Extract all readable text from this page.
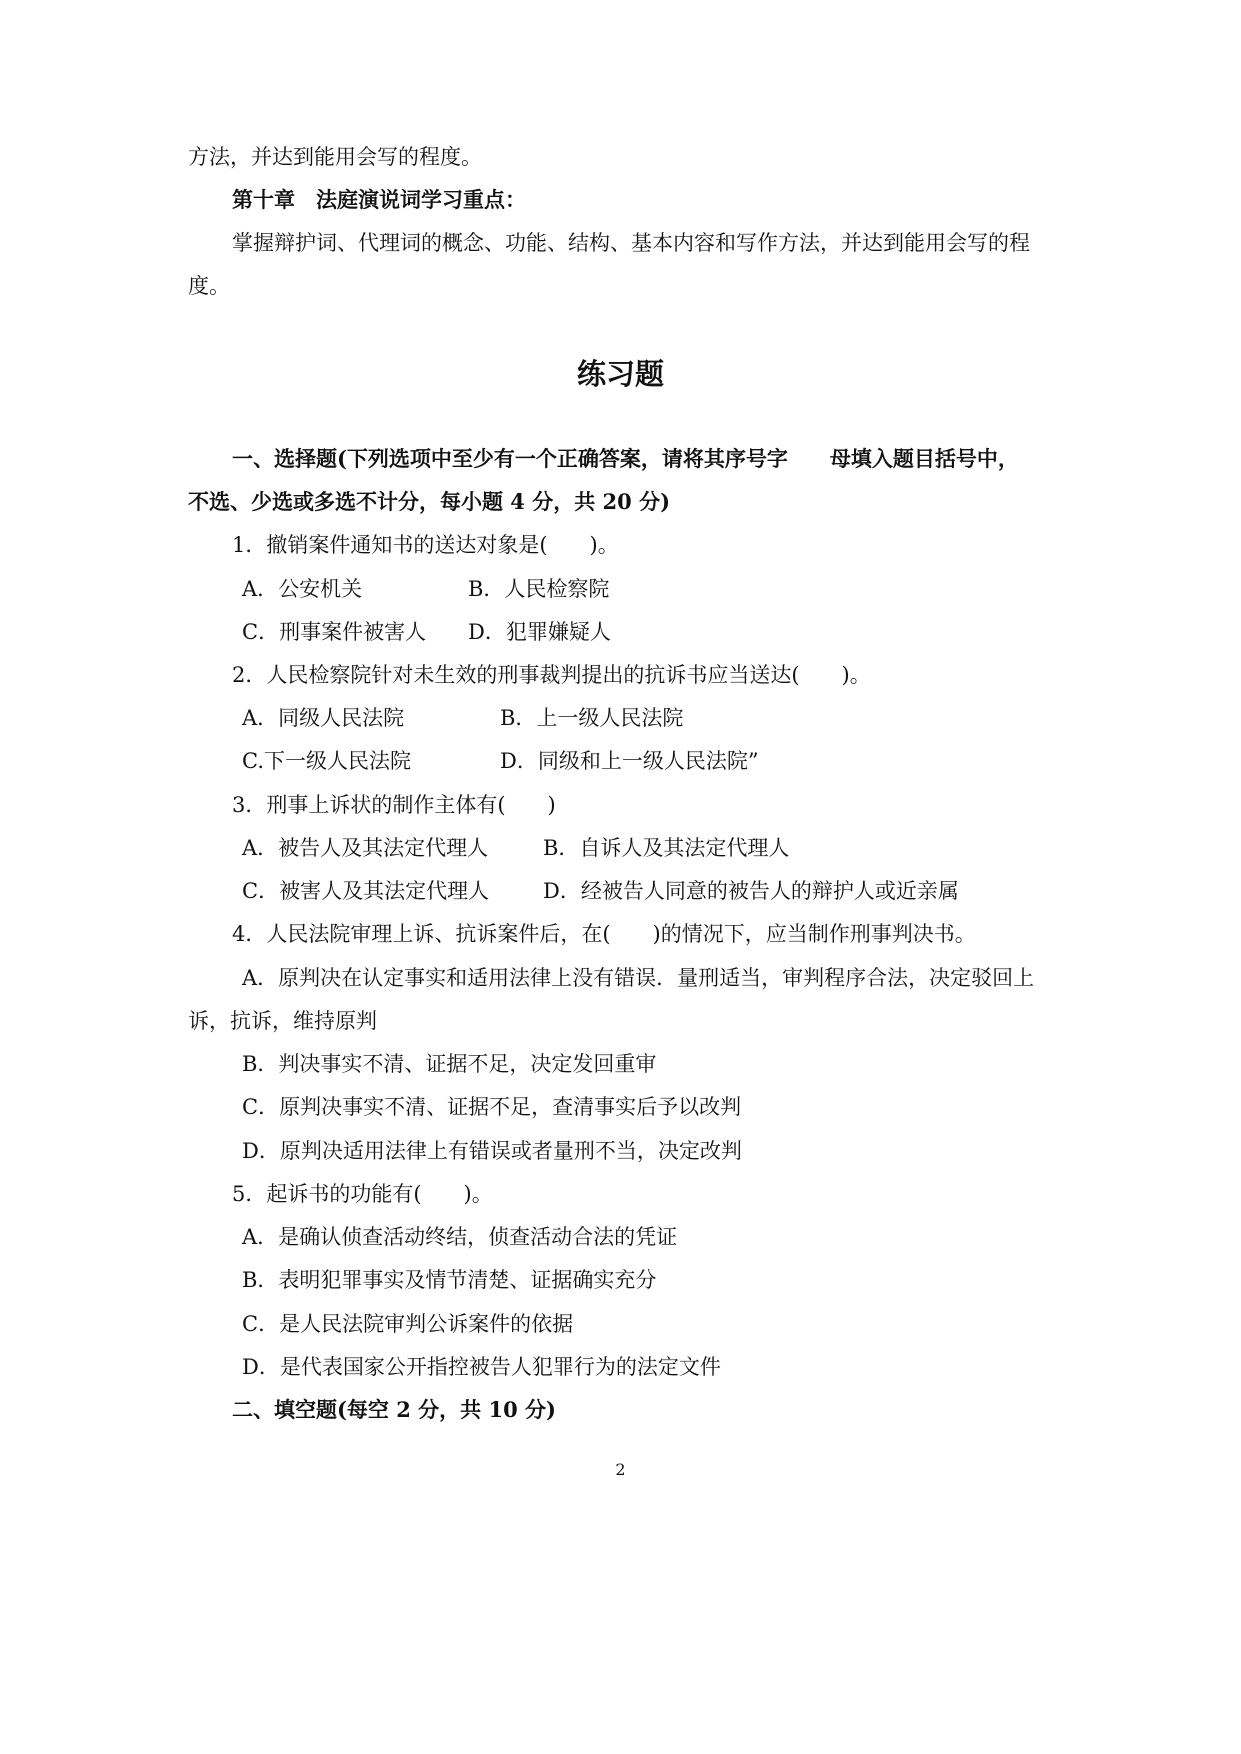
方法，并达到能用会写的程度。
第十章　法庭演说词学习重点：
掌握辩护词、代理词的概念、功能、结构、基本内容和写作方法，并达到能用会写的程
度。
练习题
一、选择题(下列选项中至少有一个正确答案，请将其序号字　　母填入题目括号中，
不选、少选或多选不计分，每小题 4 分，共 20 分)
1．撤销案件通知书的送达对象是(　　)。
A．公安机关	B．人民检察院
C．刑事案件被害人 D．犯罪嫌疑人
2．人民检察院针对未生效的刑事裁判提出的抗诉书应当送达(　　)。
A．同级人民法院	B．上一级人民法院
C.下一级人民法院	D．同级和上一级人民法院”
3．刑事上诉状的制作主体有(　　)
A．被告人及其法定代理人	B．自诉人及其法定代理人
C．被害人及其法定代理人	D．经被告人同意的被告人的辩护人或近亲属
4．人民法院审理上诉、抗诉案件后，在(　　)的情况下，应当制作刑事判决书。
A．原判决在认定事实和适用法律上没有错误．量刑适当，审判程序合法，决定驳回上
诉，抗诉，维持原判
B．判决事实不清、证据不足，决定发回重审
C．原判决事实不清、证据不足，查清事实后予以改判
D．原判决适用法律上有错误或者量刑不当，决定改判
5．起诉书的功能有(　　)。
A．是确认侦查活动终结，侦查活动合法的凭证
B．表明犯罪事实及情节清楚、证据确实充分
C．是人民法院审判公诉案件的依据
D．是代表国家公开指控被告人犯罪行为的法定文件
二、填空题(每空 2 分，共 10 分)
2
